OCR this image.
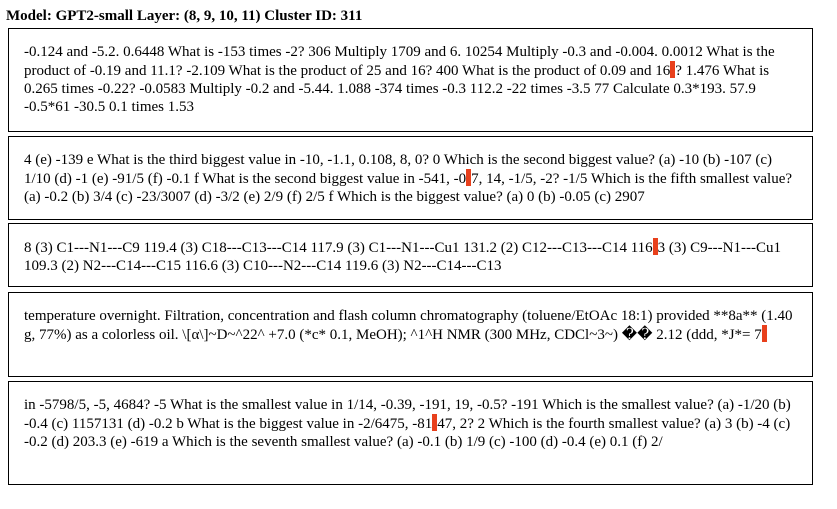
Model: GPT2-small Layer: (8, 9, 10, 11) Cluster ID: 311

-0.124 and -5.2. 0.6448 What is -153 times -2? 306 Multiply 1709 and 6. 10254 Multiply -0.3 and -0.004. 0.0012 What is the product of -0.19 and 11.1? -2.109 What is the product of 25 and 16? 400 What is the product of 0.09 and 16 ? 1.476 What is 0.265 times -0.22? -0.0583 Multiply -0.2 and -5.44. 1.088 -374 times -0.3 112.2 -22 times -3.5 77 Calculate 0.3*193. 57.9 -0.5*61 -30.5 0.1 times 1.53

4 (e) -139 e What is the third biggest value in -10, -1.1, 0.108, 8, 0? 0 Which is the second biggest value? (a) -10 (b) -107 (c) 1/10 (d) -1 (e) -91/5 (f) -0.1 f What is the second biggest value in -541, -0 7, 14, -1/5, -2? -1/5 Which is the fifth smallest value? (a) -0.2 (b) 3/4 (c) -23/3007 (d) -3/2 (e) 2/9 (f) 2/5 f Which is the biggest value? (a) 0 (b) -0.05 (c) 2907

8 (3) C1---N1---C9 119.4 (3) C18---C13---C14 117.9 (3) C1---N1---Cu1 131.2 (2) C12---C13---C14 116 3 (3) C9---N1---Cu1 109.3 (2) N2---C14---C15 116.6 (3) C10---N2---C14 119.6 (3) N2---C14---C13

temperature overnight. Filtration, concentration and flash column chromatography (toluene/EtOAc 18:1) provided **8a** (1.40 g, 77%) as a colorless oil. \[α\]~D~^22^ +7.0 (*c* 0.1, MeOH); ^1^H NMR (300 MHz, CDCl~3~) �� 2.12 (ddd, *J*= 7

in -5798/5, -5, 4684? -5 What is the smallest value in 1/14, -0.39, -191, 19, -0.5? -191 Which is the smallest value? (a) -1/20 (b) -0.4 (c) 1157131 (d) -0.2 b What is the biggest value in -2/6475, -81 47, 2? 2 Which is the fourth smallest value? (a) 3 (b) -4 (c) -0.2 (d) 203.3 (e) -619 a Which is the seventh smallest value? (a) -0.1 (b) 1/9 (c) -100 (d) -0.4 (e) 0.1 (f) 2/
